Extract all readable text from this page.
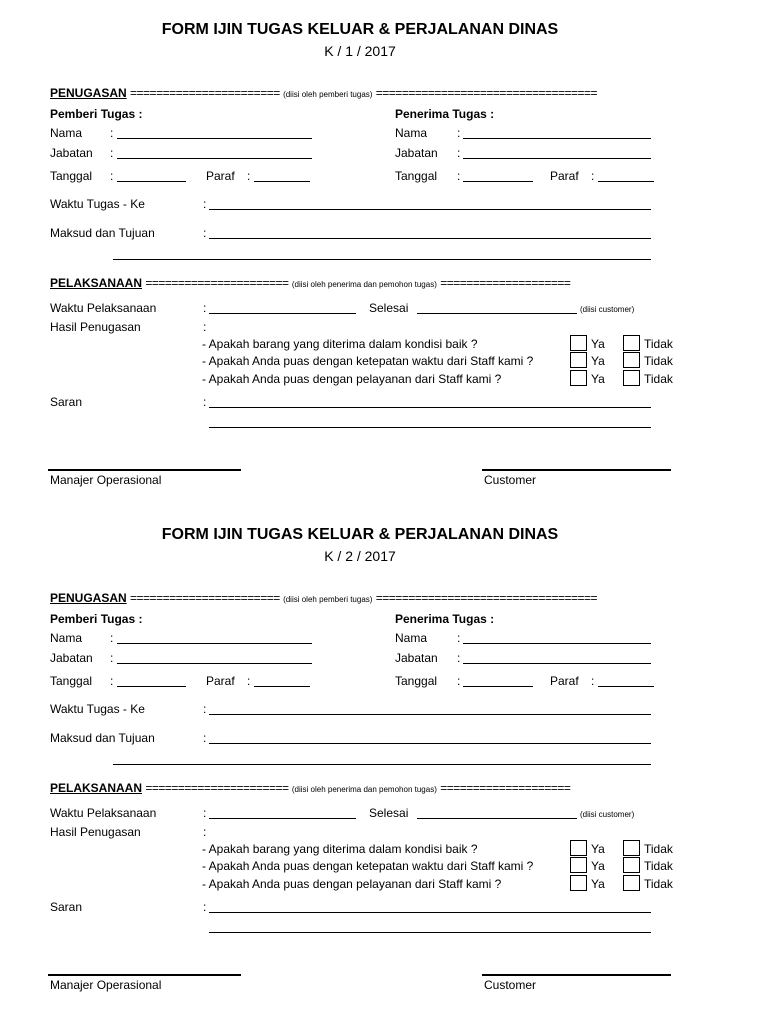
FORM IJIN TUGAS KELUAR & PERJALANAN DINAS
K / 1 / 2017
PENUGASAN ======================= (diisi oleh pemberi tugas) ==================================
Pemberi Tugas :	Penerima Tugas :
Nama :	Nama :
Jabatan :	Jabatan :
Tanggal :	Paraf :	Tanggal :	Paraf :
Waktu Tugas - Ke	:
Maksud dan Tujuan	:
PELAKSANAAN ====================== (diisi oleh penerima dan pemohon tugas) ====================
Waktu Pelaksanaan	:	Selesai	(diisi customer)
Hasil Penugasan	:
- Apakah barang yang diterima dalam kondisi baik ?	Ya	Tidak
- Apakah Anda puas dengan ketepatan waktu dari Staff kami ?	Ya	Tidak
- Apakah Anda puas dengan pelayanan dari Staff kami ?	Ya	Tidak
Saran	:
Manajer Operasional	Customer
FORM IJIN TUGAS KELUAR & PERJALANAN DINAS
K / 2 / 2017
PENUGASAN ======================= (diisi oleh pemberi tugas) ==================================
Pemberi Tugas :	Penerima Tugas :
Nama :	Nama :
Jabatan :	Jabatan :
Tanggal :	Paraf :	Tanggal :	Paraf :
Waktu Tugas - Ke	:
Maksud dan Tujuan	:
PELAKSANAAN ====================== (diisi oleh penerima dan pemohon tugas) ====================
Waktu Pelaksanaan	:	Selesai	(diisi customer)
Hasil Penugasan	:
- Apakah barang yang diterima dalam kondisi baik ?	Ya	Tidak
- Apakah Anda puas dengan ketepatan waktu dari Staff kami ?	Ya	Tidak
- Apakah Anda puas dengan pelayanan dari Staff kami ?	Ya	Tidak
Saran	:
Manajer Operasional	Customer
